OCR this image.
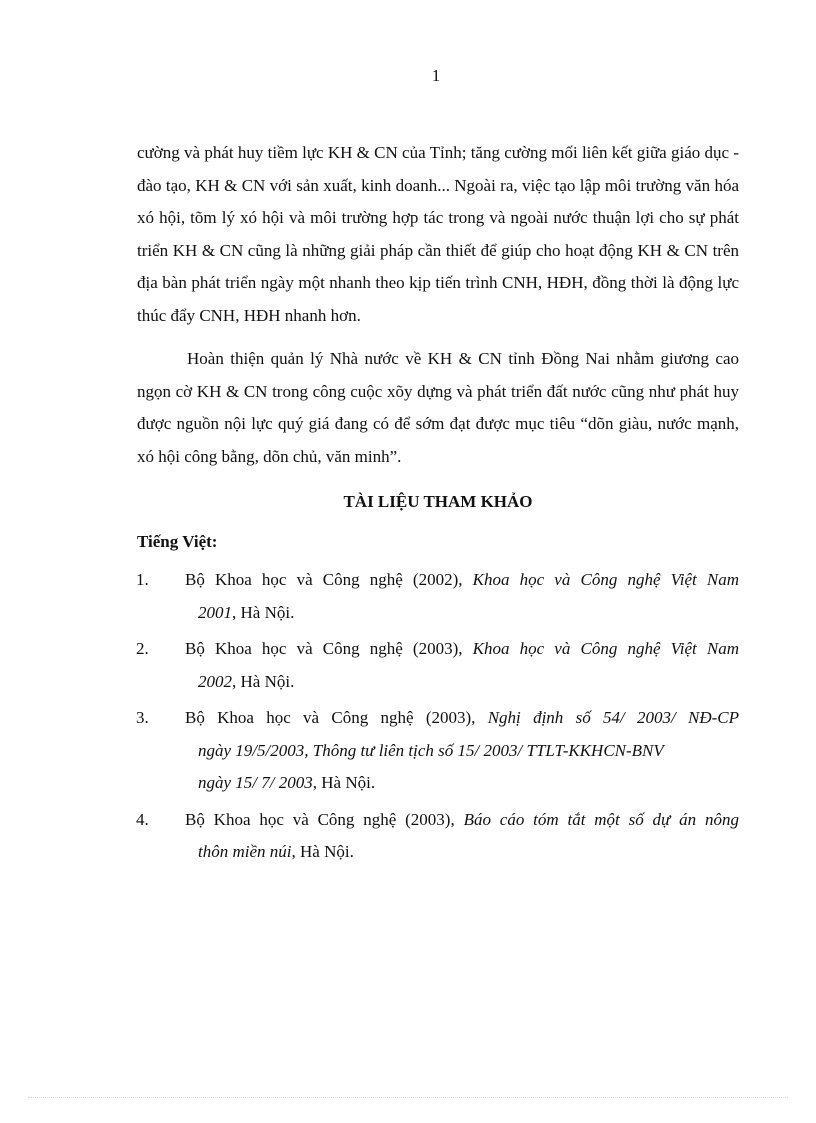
1

cường và phát huy tiềm lực KH & CN của Tỉnh; tăng cường mối liên kết giữa giáo dục - đào tạo, KH & CN với sản xuất, kinh doanh... Ngoài ra, việc tạo lập môi trường văn hóa xó hội, tõm lý xó hội và môi trường hợp tác trong và ngoài nước thuận lợi cho sự phát triển KH & CN cũng là những giải pháp cần thiết để giúp cho hoạt động KH & CN trên địa bàn phát triển ngày một nhanh theo kịp tiến trình CNH, HĐH, đồng thời là động lực thúc đẩy CNH, HĐH nhanh hơn.

Hoàn thiện quản lý Nhà nước về KH & CN tỉnh Đồng Nai nhằm giương cao ngọn cờ KH & CN trong công cuộc xõy dựng và phát triển đất nước cũng như phát huy được nguồn nội lực quý giá đang có để sớm đạt được mục tiêu “dõn giàu, nước mạnh, xó hội công bằng, dõn chủ, văn minh”.

TÀI LIỆU THAM KHẢO
Tiếng Việt:
1. Bộ Khoa học và Công nghệ (2002), Khoa học và Công nghệ Việt Nam
2001, Hà Nội.
2. Bộ Khoa học và Công nghệ (2003), Khoa học và Công nghệ Việt Nam
2002, Hà Nội.
3. Bộ Khoa học và Công nghệ (2003), Nghị định số 54/ 2003/ NĐ-CP
ngày 19/5/2003, Thông tư liên tịch số 15/ 2003/ TTLT-KKHCN-BNV
ngày 15/ 7/ 2003, Hà Nội.
4. Bộ Khoa học và Công nghệ (2003), Báo cáo tóm tắt một số dự án nông
thôn miền núi, Hà Nội.
